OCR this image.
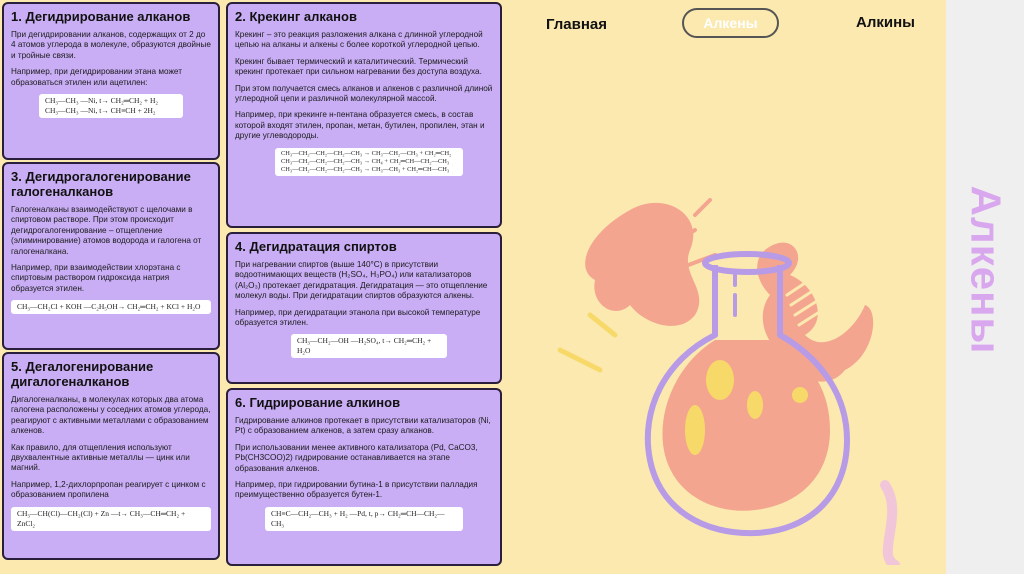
Алкены
Главная	Алкены	Алкины
1. Дегидрирование алканов

При дегидрировании алканов, содержащих от 2 до 4 атомов углерода в молекуле, образуются двойные и тройные связи.

Например, при дегидрировании этана может образоваться этилен или ацетилен:

CH₃—CH₃ —Ni, t→ CH₂═CH₂ + H₂
CH₃—CH₃ —Ni, t→ CH≡CH + 2H₂
3. Дегидрогалогенирование галогеналканов

Галогеналканы взаимодействуют с щелочами в спиртовом растворе. При этом происходит дегидрогалогенирование – отщепление (элиминирование) атомов водорода и галогена от галогеналкана.

Например, при взаимодействии хлорэтана с спиртовым раствором гидроксида натрия образуется этилен.

CH₃—CH₂Cl + KOH —C₂H₅OH→ CH₂═CH₂ + KCl + H₂O
5. Дегалогенирование дигалогеналканов

Дигалогеналканы, в молекулах которых два атома галогена расположены у соседних атомов углерода, реагируют с активными металлами с образованием алкенов.

Как правило, для отщепления используют двухвалентные активные металлы — цинк или магний.

Например, 1,2-дихлорпропан реагирует с цинком с образованием пропилена

CH₃—CH(Cl)—CH₂(Cl) + Zn —t→ CH₃—CH═CH₂ + ZnCl₂
2. Крекинг алканов

Крекинг – это реакция разложения алкана с длинной углеродной цепью на алканы и алкены с более короткой углеродной цепью.

Крекинг бывает термический и каталитический. Термический крекинг протекает при сильном нагревании без доступа воздуха.

При этом получается смесь алканов и алкенов с различной длиной углеродной цепи и различной молекулярной массой.

Например, при крекинге н-пентана образуется смесь, в состав которой входят этилен, пропан, метан, бутилен, пропилен, этан и другие углеводороды.

CH₃—CH₂—CH₂—CH₂—CH₃ → CH₃—CH₂—CH₃ + CH₂═CH₂
CH₃—CH₂—CH₂—CH₂—CH₃ → CH₄ + CH₂═CH—CH₂—CH₃
CH₃—CH₂—CH₂—CH₂—CH₃ → CH₃—CH₃ + CH₂═CH—CH₃
4. Дегидратация спиртов

При нагревании спиртов (выше 140°C) в присутствии водоотнимающих веществ (H₂SO₄, H₃PO₄) или катализаторов (Al₂O₃) протекает дегидратация. Дегидратация — это отщепление молекул воды. При дегидратации спиртов образуются алкены.

Например, при дегидратации этанола при высокой температуре образуется этилен.

CH₃—CH₂—OH —H₂SO₄, t→ CH₂═CH₂ + H₂O
6. Гидрирование алкинов

Гидрирование алкинов протекает в присутствии катализаторов (Ni, Pt) с образованием алкенов, а затем сразу алканов.

При использовании менее активного катализатора (Pd, CaCO3, Pb(CH3COO)2) гидрирование останавливается на этапе образования алкенов.

Например, при гидрировании бутина-1 в присутствии палладия преимущественно образуется бутен-1.

CH≡C—CH₂—CH₃ + H₂ —Pd, t, p→ CH₂═CH—CH₂—CH₃
